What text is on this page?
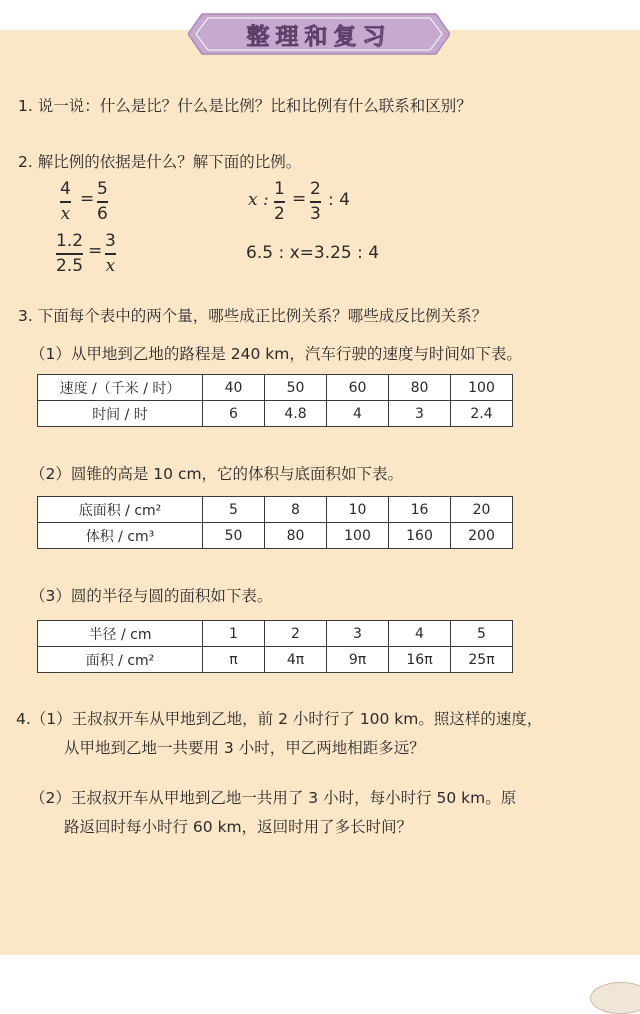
整理和复习
1. 说一说：什么是比？什么是比例？比和比例有什么联系和区别？
2. 解比例的依据是什么？解下面的比例。
4
x
= 5
6
x :
1
2
= 2
3
: 4
1.2
2.5
= 3
x
6.5 : x=3.25 : 4
3. 下面每个表中的两个量，哪些成正比例关系？哪些成反比例关系？
（1）从甲地到乙地的路程是 240 km，汽车行驶的速度与时间如下表。
速度 /（千米 / 时）	40	50	60	80	100
时间 / 时	6	4.8	4	3	2.4
（2）圆锥的高是 10 cm，它的体积与底面积如下表。
底面积 / cm²	5	8	10	16	20
体积 / cm³	50	80	100	160	200
（3）圆的半径与圆的面积如下表。
半径 / cm	1	2	3	4	5
面积 / cm²	π	4π	9π	16π	25π
4.（1）王叔叔开车从甲地到乙地，前 2 小时行了 100 km。照这样的速度，
从甲地到乙地一共要用 3 小时，甲乙两地相距多远？
（2）王叔叔开车从甲地到乙地一共用了 3 小时，每小时行 50 km。原
路返回时每小时行 60 km，返回时用了多长时间？
